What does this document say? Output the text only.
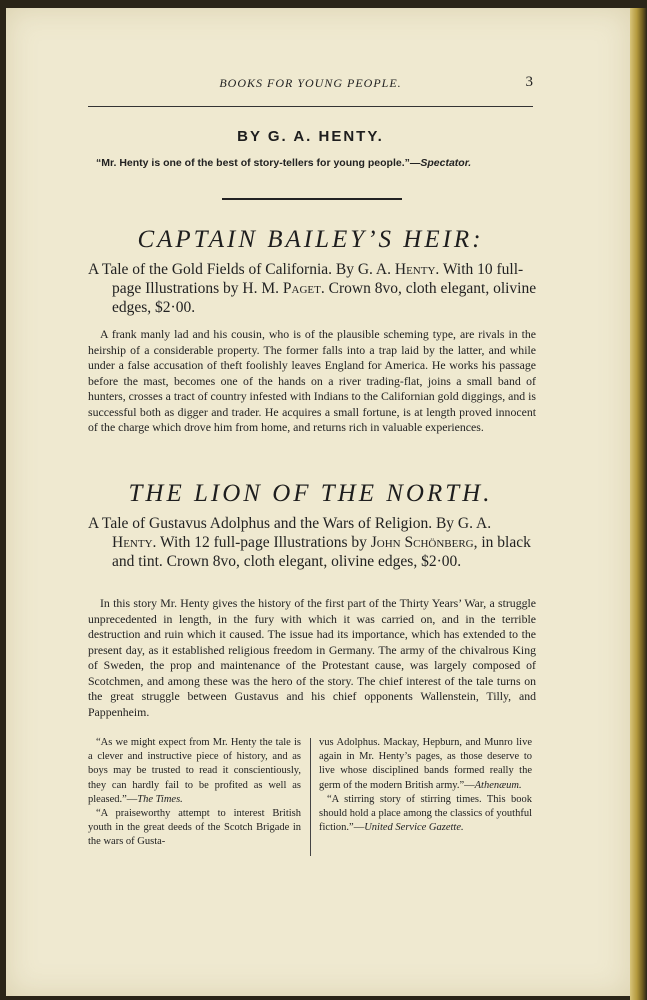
BOOKS FOR YOUNG PEOPLE.	3
BY G. A. HENTY.
“Mr. Henty is one of the best of story-tellers for young people.”—Spectator.
CAPTAIN BAILEY’S HEIR:
A Tale of the Gold Fields of California. By G. A. Henty. With 10 full-page Illustrations by H. M. Paget. Crown 8vo, cloth elegant, olivine edges, $2·00.
A frank manly lad and his cousin, who is of the plausible scheming type, are rivals in the heirship of a considerable property. The former falls into a trap laid by the latter, and while under a false accusation of theft foolishly leaves England for America. He works his passage before the mast, becomes one of the hands on a river trading-flat, joins a small band of hunters, crosses a tract of country infested with Indians to the Californian gold diggings, and is successful both as digger and trader. He acquires a small fortune, is at length proved innocent of the charge which drove him from home, and returns rich in valuable experiences.
THE LION OF THE NORTH.
A Tale of Gustavus Adolphus and the Wars of Religion. By G. A. Henty. With 12 full-page Illustrations by John Schönberg, in black and tint. Crown 8vo, cloth elegant, olivine edges, $2·00.
In this story Mr. Henty gives the history of the first part of the Thirty Years’ War, a struggle unprecedented in length, in the fury with which it was carried on, and in the terrible destruction and ruin which it caused. The issue had its importance, which has extended to the present day, as it established religious freedom in Germany. The army of the chivalrous King of Sweden, the prop and maintenance of the Protestant cause, was largely composed of Scotchmen, and among these was the hero of the story. The chief interest of the tale turns on the great struggle between Gustavus and his chief opponents Wallenstein, Tilly, and Pappenheim.

“As we might expect from Mr. Henty the tale is a clever and instructive piece of history, and as boys may be trusted to read it conscientiously, they can hardly fail to be profited as well as pleased.”—The Times.

“A praiseworthy attempt to interest British youth in the great deeds of the Scotch Brigade in the wars of Gusta-

vus Adolphus. Mackay, Hepburn, and Munro live again in Mr. Henty’s pages, as those deserve to live whose disciplined bands formed really the germ of the modern British army.”—Athenæum.

“A stirring story of stirring times. This book should hold a place among the classics of youthful fiction.”—United Service Gazette.
